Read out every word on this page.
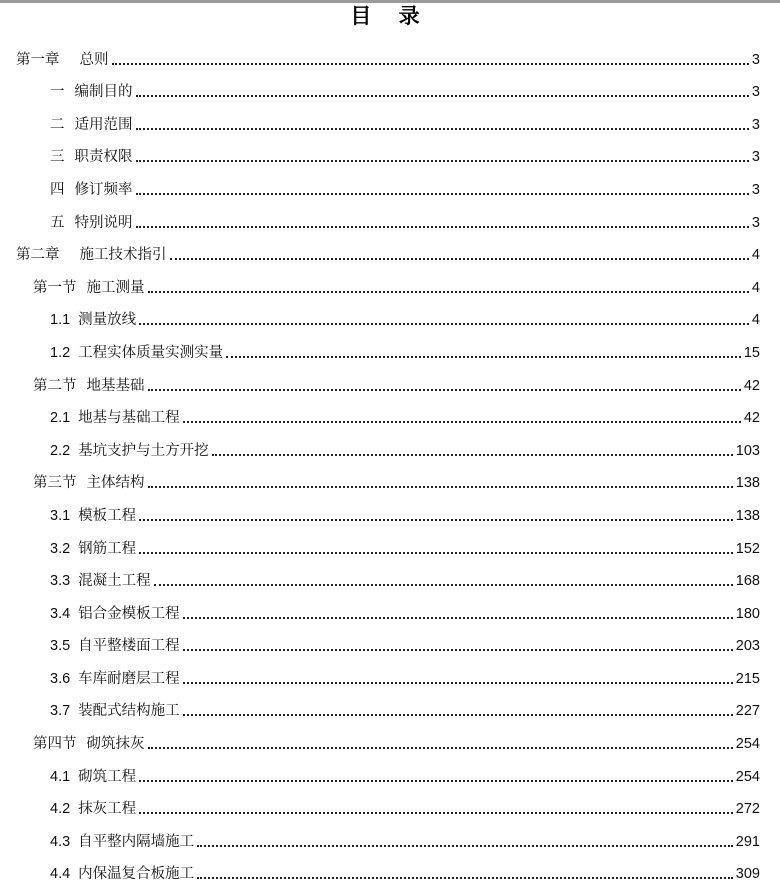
目 录
第一章 总则	3
一 编制目的	3
二 适用范围	3
三 职责权限	3
四 修订频率	3
五 特别说明	3
第二章 施工技术指引	4
第一节 施工测量	4
1.1 测量放线	4
1.2 工程实体质量实测实量	15
第二节 地基基础	42
2.1 地基与基础工程	42
2.2 基坑支护与土方开挖	103
第三节 主体结构	138
3.1 模板工程	138
3.2 钢筋工程	152
3.3 混凝土工程	168
3.4 铝合金模板工程	180
3.5 自平整楼面工程	203
3.6 车库耐磨层工程	215
3.7 装配式结构施工	227
第四节 砌筑抹灰	254
4.1 砌筑工程	254
4.2 抹灰工程	272
4.3 自平整内隔墙施工	291
4.4 内保温复合板施工	309
